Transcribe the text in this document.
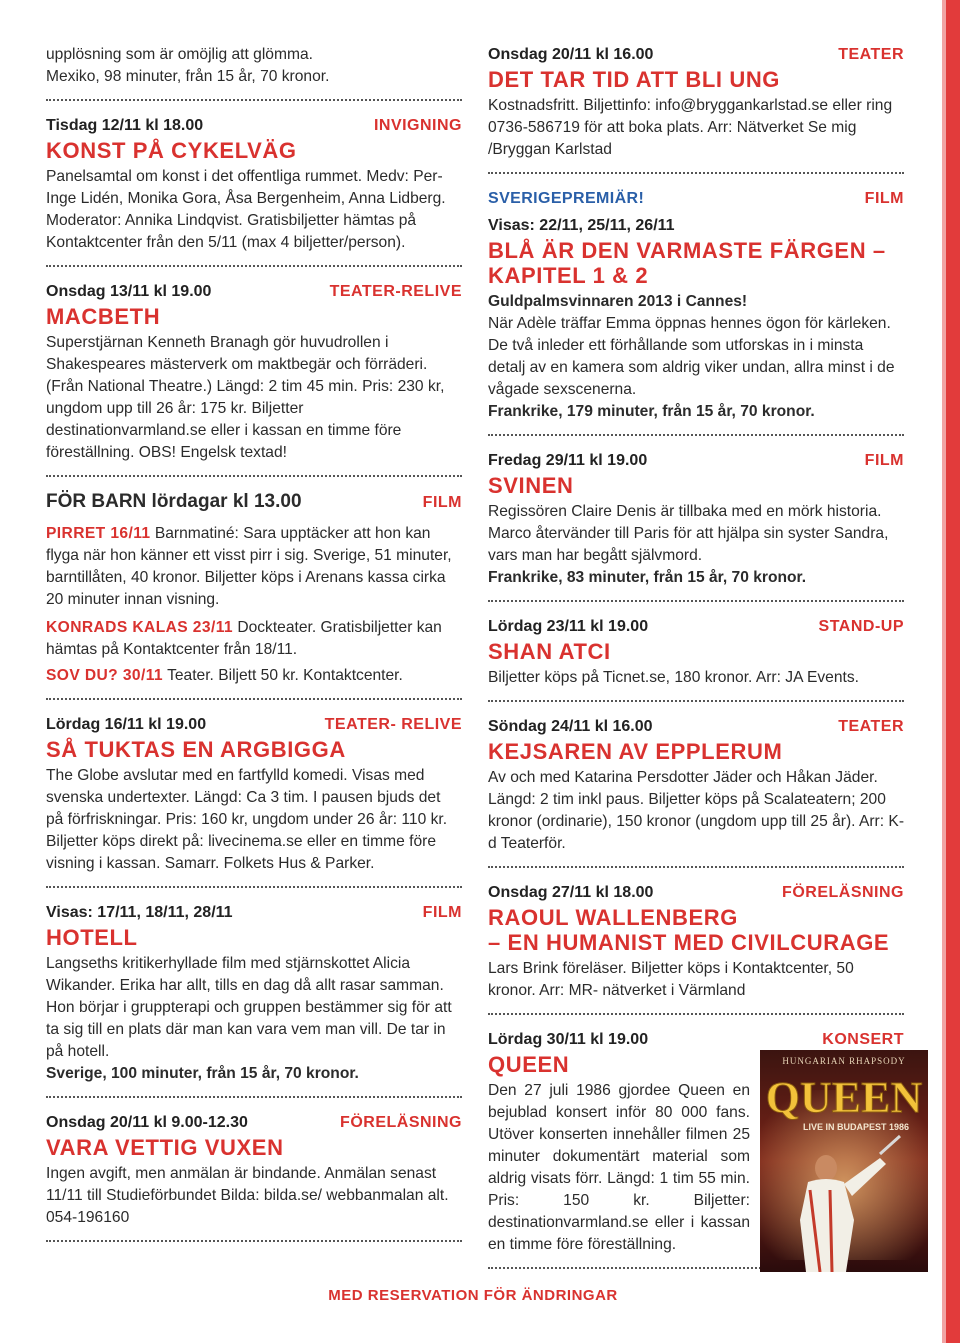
upplösning som är omöjlig att glömma.
Mexiko, 98 minuter, från 15 år, 70 kronor.
Tisdag 12/11 kl 18.00	INVIGNING
KONST PÅ CYKELVÄG
Panelsamtal om konst i det offentliga rummet. Medv: Per-Inge Lidén, Monika Gora, Åsa Bergenheim, Anna Lidberg. Moderator: Annika Lindqvist. Gratisbiljetter hämtas på Kontaktcenter från den 5/11 (max 4 biljetter/person).
Onsdag 13/11 kl 19.00	TEATER-RELIVE
MACBETH
Superstjärnan Kenneth Branagh gör huvudrollen i Shakespeares mästerverk om maktbegär och förräderi. (Från National Theatre.) Längd: 2 tim 45 min. Pris: 230 kr, ungdom upp till 26 år: 175 kr. Biljetter destinationvarmland.se eller i kassan en timme före föreställning. OBS! Engelsk textad!
FÖR BARN lördagar kl 13.00	FILM
PIRRET 16/11 Barnmatiné: Sara upptäcker att hon kan flyga när hon känner ett visst pirr i sig. Sverige, 51 minuter, barntillåten, 40 kronor. Biljetter köps i Arenans kassa cirka 20 minuter innan visning.
KONRADS KALAS 23/11 Dockteater. Gratisbiljetter kan hämtas på Kontaktcenter från 18/11.
SOV DU? 30/11 Teater. Biljett 50 kr. Kontaktcenter.
Lördag 16/11 kl 19.00	TEATER- RELIVE
SÅ TUKTAS EN ARGBIGGA
The Globe avslutar med en fartfylld komedi. Visas med svenska undertexter. Längd: Ca 3 tim. I pausen bjuds det på förfriskningar. Pris: 160 kr, ungdom under 26 år: 110 kr. Biljetter köps direkt på: livecinema.se eller en timme före visning i kassan. Samarr. Folkets Hus & Parker.
Visas: 17/11, 18/11, 28/11	FILM
HOTELL
Langseths kritikerhyllade film med stjärnskottet Alicia Wikander. Erika har allt, tills en dag då allt rasar samman. Hon börjar i gruppterapi och gruppen bestämmer sig för att ta sig till en plats där man kan vara vem man vill. De tar in på hotell.
Sverige, 100 minuter, från 15 år, 70 kronor.
Onsdag 20/11 kl 9.00-12.30	FÖRELÄSNING
VARA VETTIG VUXEN
Ingen avgift, men anmälan är bindande. Anmälan senast 11/11 till Studieförbundet Bilda: bilda.se/ webbanmalan alt. 054-196160
Onsdag 20/11 kl 16.00	TEATER
DET TAR TID ATT BLI UNG
Kostnadsfritt. Biljettinfo: info@bryggankarlstad.se eller ring 0736-586719 för att boka plats. Arr: Nätverket Se mig /Bryggan Karlstad
SVERIGEPREMIÄR!	FILM
Visas: 22/11, 25/11, 26/11
BLÅ ÄR DEN VARMASTE FÄRGEN –
KAPITEL 1 & 2
Guldpalmsvinnaren 2013 i Cannes!
När Adèle träffar Emma öppnas hennes ögon för kärleken. De två inleder ett förhållande som utforskas in i minsta detalj av en kamera som aldrig viker undan, allra minst i de vågade sexscenerna.
Frankrike, 179 minuter, från 15 år, 70 kronor.
Fredag 29/11 kl 19.00	FILM
SVINEN
Regissören Claire Denis är tillbaka med en mörk historia. Marco återvänder till Paris för att hjälpa sin syster Sandra, vars man har begått självmord.
Frankrike, 83 minuter, från 15 år, 70 kronor.
Lördag 23/11 kl 19.00	STAND-UP
SHAN ATCI
Biljetter köps på Ticnet.se, 180 kronor. Arr: JA Events.
Söndag 24/11 kl 16.00	TEATER
KEJSAREN AV EPPLERUM
Av och med Katarina Persdotter Jäder och Håkan Jäder. Längd: 2 tim inkl paus. Biljetter köps på Scalateatern; 200 kronor (ordinarie), 150 kronor (ungdom upp till 25 år). Arr: K-d Teaterför.
Onsdag 27/11 kl 18.00	FÖRELÄSNING
RAOUL WALLENBERG
– EN HUMANIST MED CIVILCURAGE
Lars Brink föreläser. Biljetter köps i Kontaktcenter, 50 kronor. Arr: MR- nätverket i Värmland
Lördag 30/11 kl 19.00	KONSERT
QUEEN
Den 27 juli 1986 gjordee Queen en bejublad konsert inför 80 000 fans. Utöver konserten innehåller filmen 25 minuter dokumentärt material som aldrig visats förr. Längd: 1 tim 55 min. Pris: 150 kr. Biljetter: destinationvarmland.se eller i kassan en timme före föreställning.
HUNGARIAN RHAPSODY
QUEEN
LIVE IN BUDAPEST 1986
MED RESERVATION FÖR ÄNDRINGAR
